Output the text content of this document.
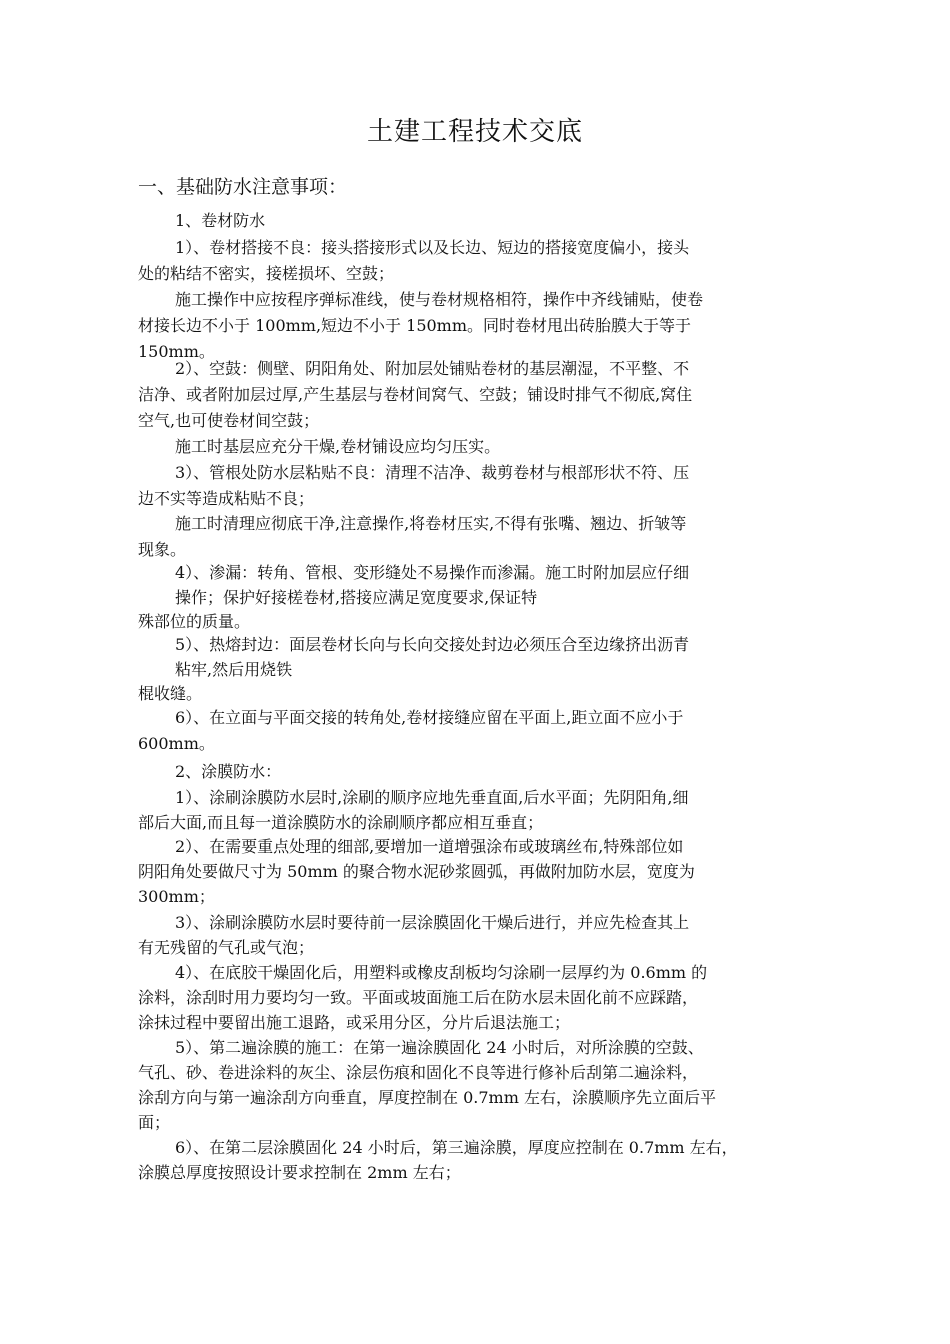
土建工程技术交底
一、基础防水注意事项：
1、卷材防水
1）、卷材搭接不良：接头搭接形式以及长边、短边的搭接宽度偏小，接头
处的粘结不密实，接槎损坏、空鼓；
施工操作中应按程序弹标准线，使与卷材规格相符，操作中齐线铺贴，使卷
材接长边不小于 100mm,短边不小于 150mm。同时卷材甩出砖胎膜大于等于
150mm。
2）、空鼓：侧壁、阴阳角处、附加层处铺贴卷材的基层潮湿，不平整、不
洁净、或者附加层过厚,产生基层与卷材间窝气、空鼓；铺设时排气不彻底,窝住
空气,也可使卷材间空鼓；
施工时基层应充分干燥,卷材铺设应均匀压实。
3）、管根处防水层粘贴不良：清理不洁净、裁剪卷材与根部形状不符、压
边不实等造成粘贴不良；
施工时清理应彻底干净,注意操作,将卷材压实,不得有张嘴、翘边、折皱等
现象。
4）、渗漏：转角、管根、变形缝处不易操作而渗漏。施工时附加层应仔细
操作；保护好接槎卷材,搭接应满足宽度要求,保证特
殊部位的质量。
5）、热熔封边：面层卷材长向与长向交接处封边必须压合至边缘挤出沥青
粘牢,然后用烧铁
棍收缝。
6）、在立面与平面交接的转角处,卷材接缝应留在平面上,距立面不应小于
600mm。
2、涂膜防水：
1）、涂刷涂膜防水层时,涂刷的顺序应地先垂直面,后水平面；先阴阳角,细
部后大面,而且每一道涂膜防水的涂刷顺序都应相互垂直；
2）、在需要重点处理的细部,要增加一道增强涂布或玻璃丝布,特殊部位如
阴阳角处要做尺寸为 50mm 的聚合物水泥砂浆圆弧，再做附加防水层，宽度为
300mm；
3）、涂刷涂膜防水层时要待前一层涂膜固化干燥后进行，并应先检查其上
有无残留的气孔或气泡；
4）、在底胶干燥固化后，用塑料或橡皮刮板均匀涂刷一层厚约为 0.6mm 的
涂料，涂刮时用力要均匀一致。平面或坡面施工后在防水层未固化前不应踩踏，
涂抹过程中要留出施工退路，或采用分区，分片后退法施工；
5）、第二遍涂膜的施工：在第一遍涂膜固化 24 小时后，对所涂膜的空鼓、
气孔、砂、卷进涂料的灰尘、涂层伤痕和固化不良等进行修补后刮第二遍涂料，
涂刮方向与第一遍涂刮方向垂直，厚度控制在 0.7mm 左右，涂膜顺序先立面后平
面；
6）、在第二层涂膜固化 24 小时后，第三遍涂膜，厚度应控制在 0.7mm 左右，
涂膜总厚度按照设计要求控制在 2mm 左右；
